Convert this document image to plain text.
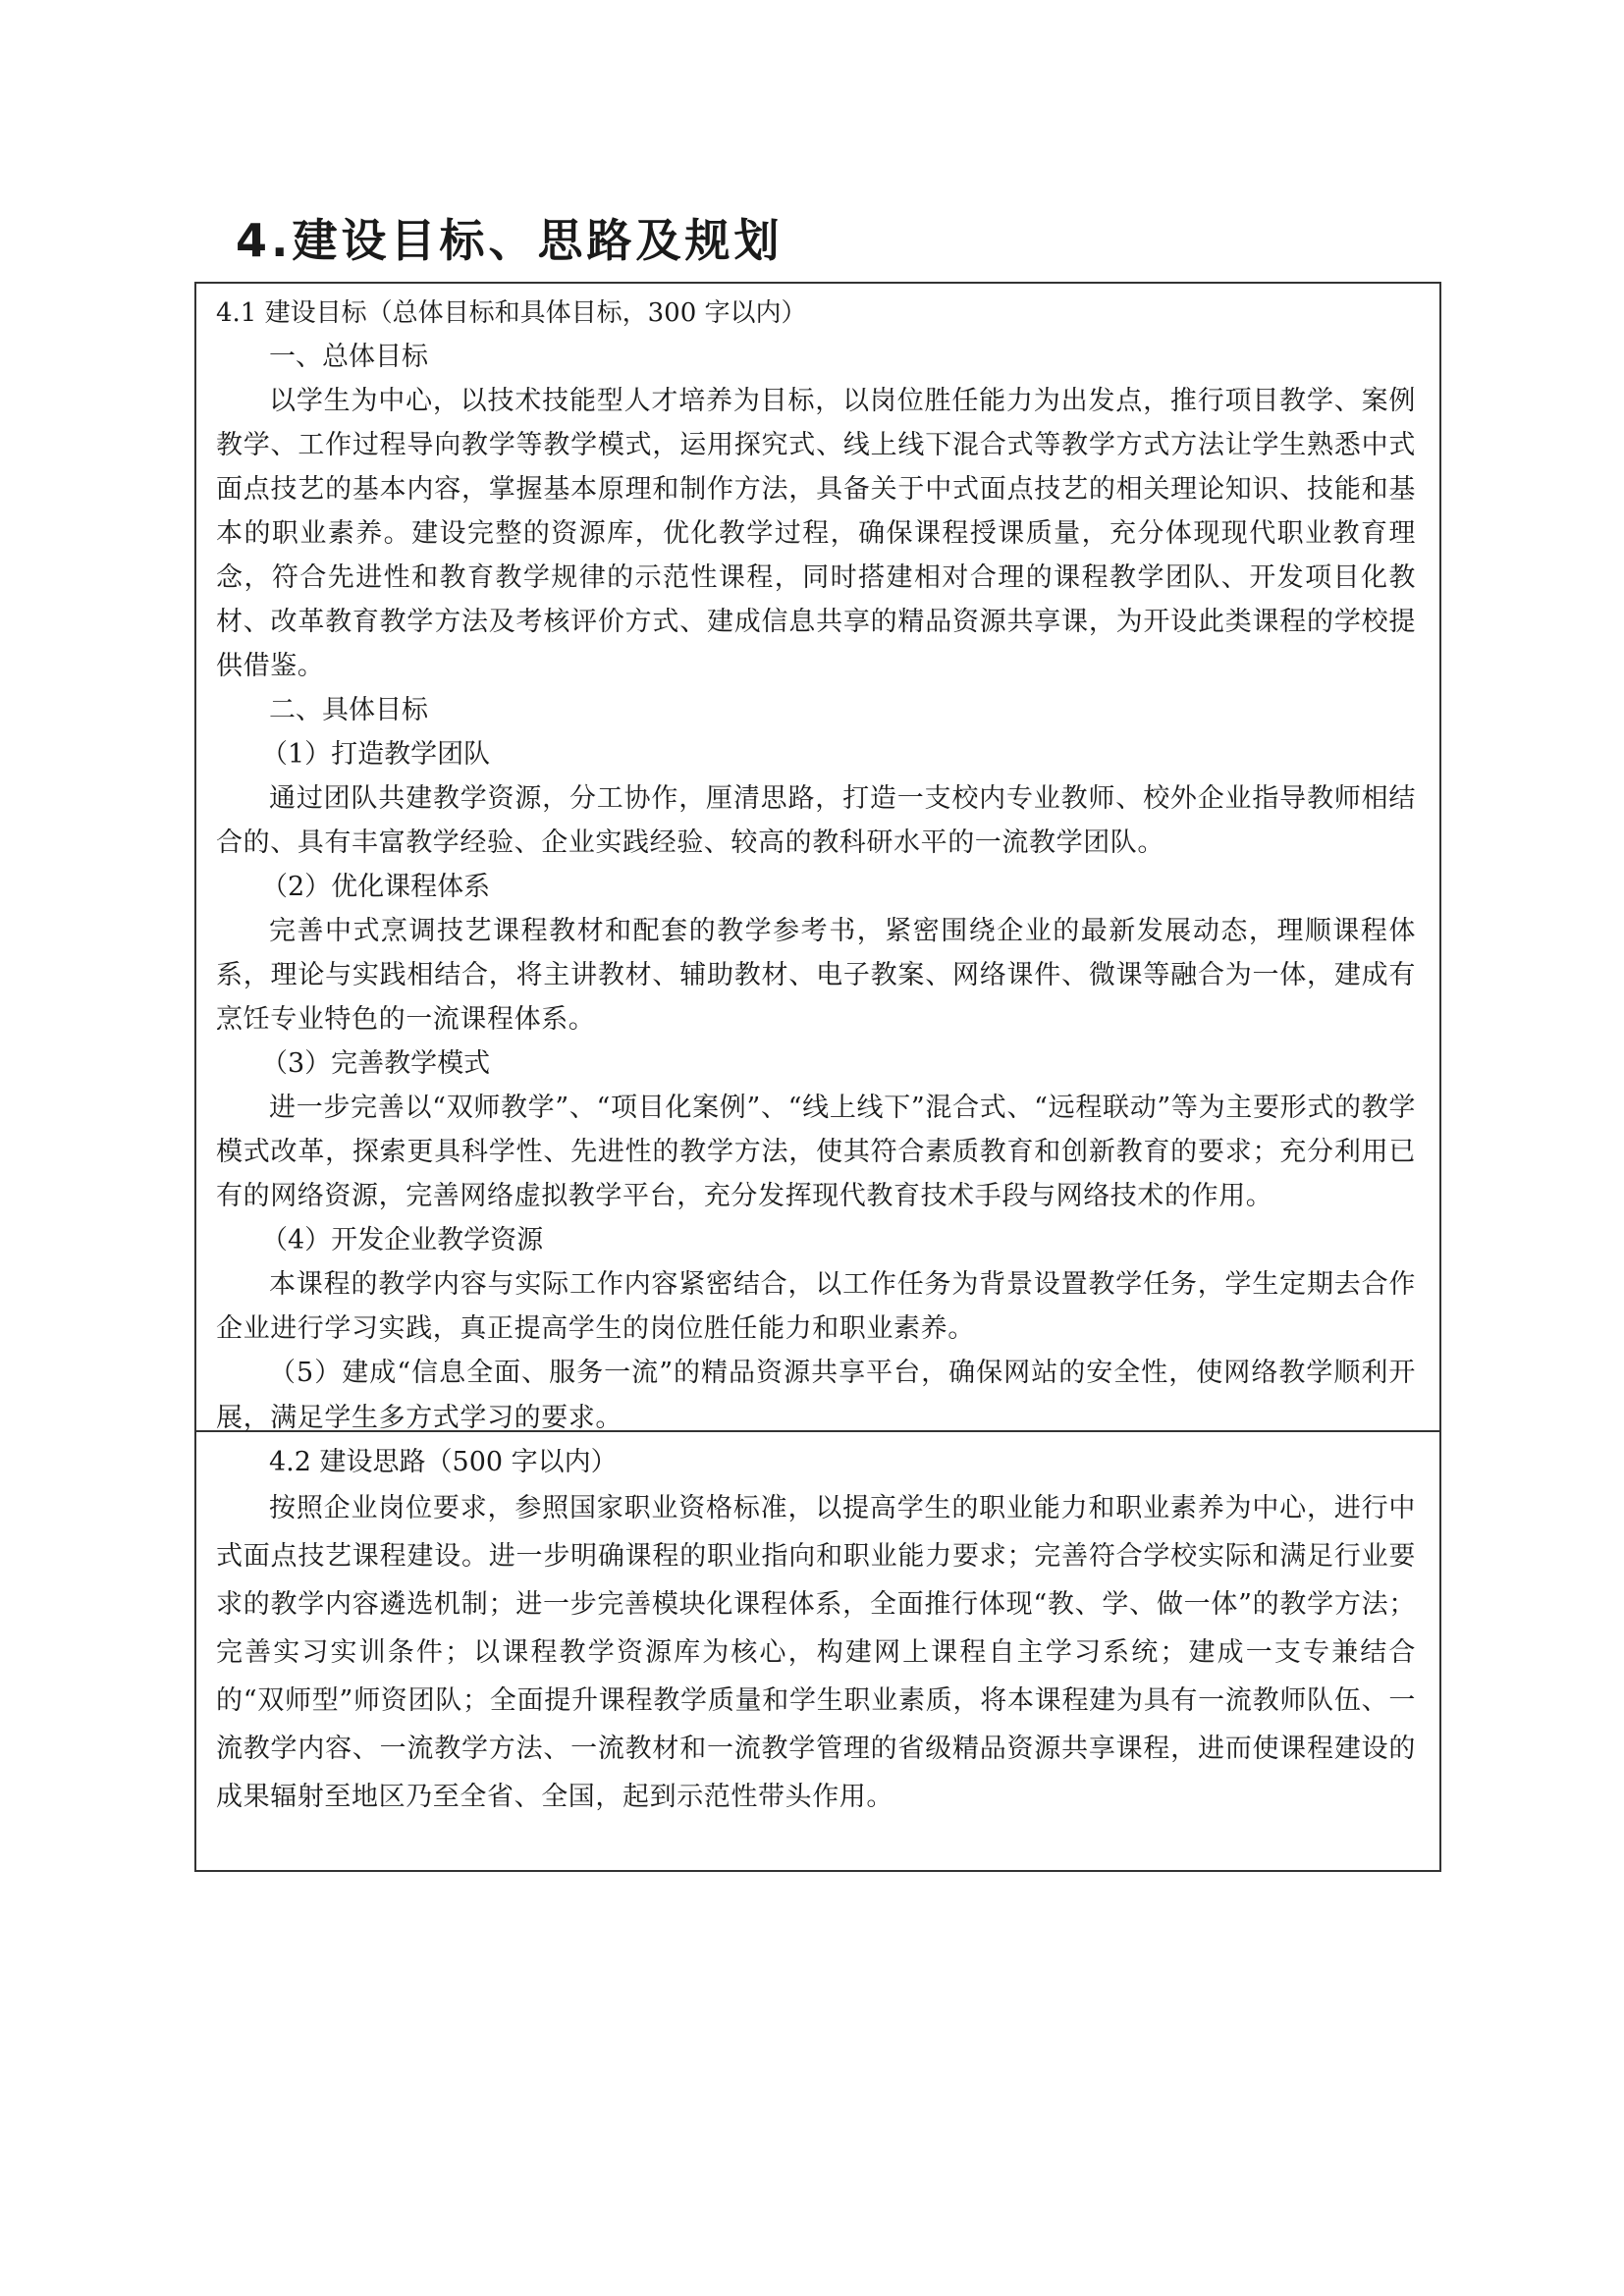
4.建设目标、思路及规划

4.1 建设目标（总体目标和具体目标，300 字以内）

一、总体目标

以学生为中心，以技术技能型人才培养为目标，以岗位胜任能力为出发点，推行项目教学、案例教学、工作过程导向教学等教学模式，运用探究式、线上线下混合式等教学方式方法让学生熟悉中式面点技艺的基本内容，掌握基本原理和制作方法，具备关于中式面点技艺的相关理论知识、技能和基本的职业素养。建设完整的资源库，优化教学过程，确保课程授课质量，充分体现现代职业教育理念，符合先进性和教育教学规律的示范性课程，同时搭建相对合理的课程教学团队、开发项目化教材、改革教育教学方法及考核评价方式、建成信息共享的精品资源共享课，为开设此类课程的学校提供借鉴。

二、具体目标

（1）打造教学团队

通过团队共建教学资源，分工协作，厘清思路，打造一支校内专业教师、校外企业指导教师相结合的、具有丰富教学经验、企业实践经验、较高的教科研水平的一流教学团队。

（2）优化课程体系

完善中式烹调技艺课程教材和配套的教学参考书，紧密围绕企业的最新发展动态，理顺课程体系，理论与实践相结合，将主讲教材、辅助教材、电子教案、网络课件、微课等融合为一体，建成有烹饪专业特色的一流课程体系。

（3）完善教学模式

进一步完善以“双师教学”、“项目化案例”、“线上线下”混合式、“远程联动”等为主要形式的教学模式改革，探索更具科学性、先进性的教学方法，使其符合素质教育和创新教育的要求；充分利用已有的网络资源，完善网络虚拟教学平台，充分发挥现代教育技术手段与网络技术的作用。

（4）开发企业教学资源

本课程的教学内容与实际工作内容紧密结合，以工作任务为背景设置教学任务，学生定期去合作企业进行学习实践，真正提高学生的岗位胜任能力和职业素养。

（5）建成“信息全面、服务一流”的精品资源共享平台，确保网站的安全性，使网络教学顺利开展，满足学生多方式学习的要求。

4.2 建设思路（500 字以内）

按照企业岗位要求，参照国家职业资格标准，以提高学生的职业能力和职业素养为中心，进行中式面点技艺课程建设。进一步明确课程的职业指向和职业能力要求；完善符合学校实际和满足行业要求的教学内容遴选机制；进一步完善模块化课程体系，全面推行体现“教、学、做一体”的教学方法；完善实习实训条件；以课程教学资源库为核心，构建网上课程自主学习系统；建成一支专兼结合的“双师型”师资团队；全面提升课程教学质量和学生职业素质，将本课程建为具有一流教师队伍、一流教学内容、一流教学方法、一流教材和一流教学管理的省级精品资源共享课程，进而使课程建设的成果辐射至地区乃至全省、全国，起到示范性带头作用。
